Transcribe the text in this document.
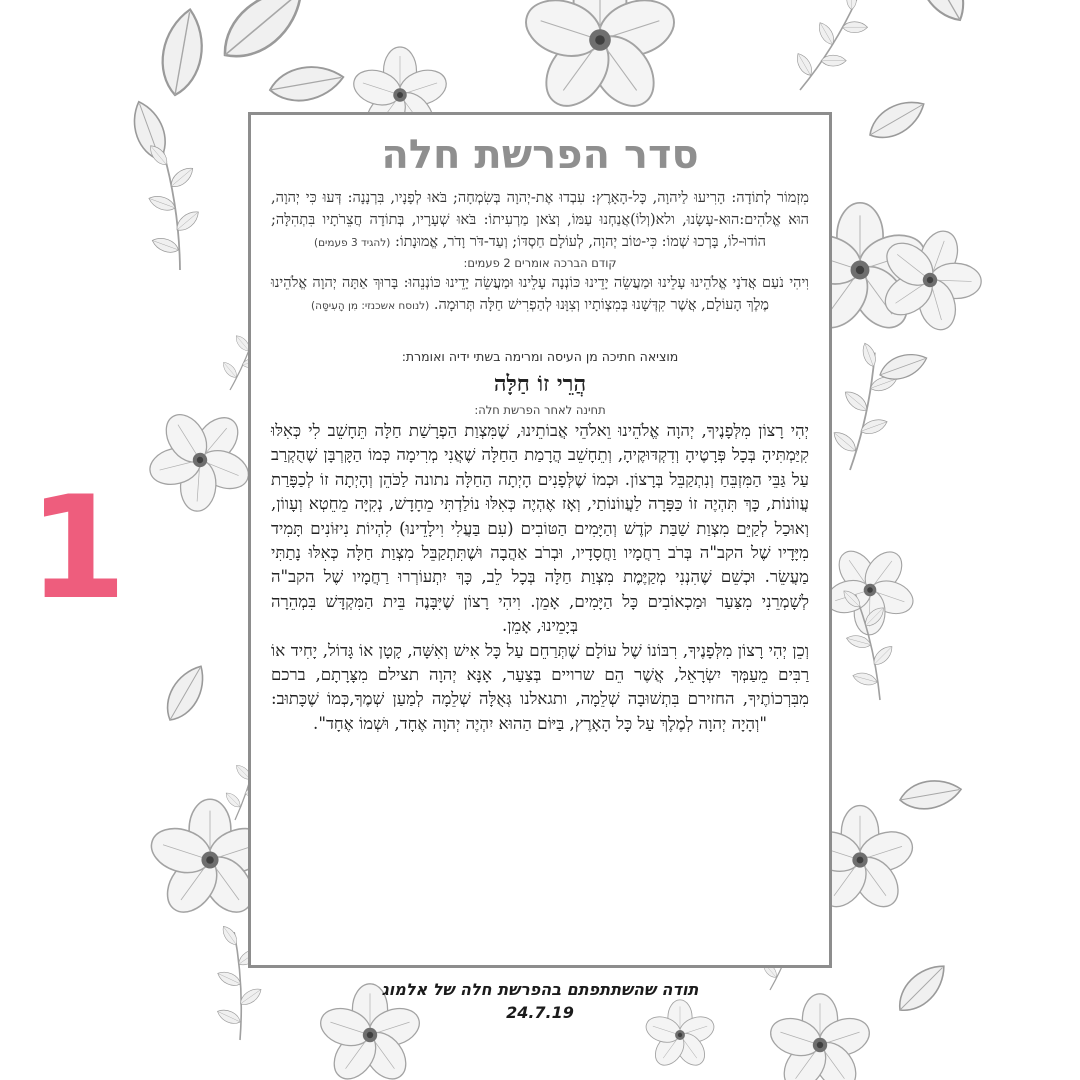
1
סדר הפרשת חלה
מִזְמוֹר לְתוֹדָה: הָרִיעוּ לַיהוָה, כָּל-הָאָרֶץ: עִבְדוּ אֶת-יְהוָה בְּשִׂמְחָה; בֹּאוּ לְפָנָיו, בִּרְנָנָה: דְּעוּ כִּי יְהוָה, הוּא אֱלֹהִים:הוּא-עָשָׂנוּ, ולא(וְלוֹ)אֲנַחְנוּ עַמּוֹ, וְצֹאן מַרְעִיתוֹ: בֹּאוּ שְׁעָרָיו, בְּתוֹדָה חֲצֵרֹתָיו בִּתְהִלָּה; הוֹדוּ-לוֹ, בָּרְכוּ שְׁמוֹ: כִּי-טוֹב יְהוָה, לְעוֹלָם חַסְדּוֹ; וְעַד-דֹּר וָדֹר, אֱמוּנָתוֹ: (להגיד 3 פעמים)
קודם הברכה אומרים 2 פעמים:
וִיהִי נֹעַם אֲדֹנָי אֱלֹהֵינוּ עָלֵינוּ וּמַעֲשֵׂה יָדֵינוּ כּוֹנְנָה עָלֵינוּ וּמַעֲשֵׂה יָדֵינוּ כּוֹנְנֵהוּ: בָּרוּךְ אַתָּה יְהוָה אֱלֹהֵינוּ מֶלֶךְ הָעוֹלָם, אֲשֶׁר קִדְּשָׁנוּ בְּמִצְוֹתָיו וְצִוָּנוּ לְהַפְרִישׁ חַלָּה תְּרוּמָה. (לנוסח אשכנזי: מִן הָעִיסָּה)
מוציאה חתיכה מן העיסה ומרימה בשתי ידיה ואומרת:
הֲרֵי זוֹ חַלָּה
תחינה לאחר הפרשת חלה:
יְהִי רָצוֹן מִלְּפָנֶיךָ, יְהוָה אֱלֹהֵינוּ וֵאלֹהֵי אֲבוֹתֵינוּ, שֶׁמִּצְוַת הַפְרָשַׁת חַלָּה תֵּחָשֵׁב לִי כְּאִלּוּ קִיַּמְתִּיהָ בְּכָל פְּרָטֶיהָ וְדִקְדּוּקֶיהָ, וְתֵחָשֵׁב הֲרָמַת הַחַלָּה שֶׁאֲנִי מְרִימָה כְּמוֹ הַקָּרְבָּן שֶׁהֻקְרַב עַל גַּבֵּי הַמִּזְבֵּחַ וְנִתְקַבֵּל בְּרָצוֹן. וּכְמוֹ שֶׁלְּפָנִים הָיְתָה הַחַלָּה נתונה לַכֹּהֵן וְהָיְתָה זוֹ לְכַפָּרַת עֲווֹנוֹת, כָּךְ תִּהְיֶה זוֹ כַּפָּרָה לַעֲווֹנוֹתַי, וְאָז אֶהְיֶה כְּאִלּוּ נוֹלַדְתִּי מֵחָדָשׁ, נְקִיָּה מֵחֵטְא וְעָווֹן, וְאוּכַל לְקַיֵּם מִצְוַת שַׁבַּת קֹדֶשׁ וְהַיָּמִים הַטּוֹבִים (עִם בַּעֲלִי וִילָדֵינוּ) לִהְיוֹת נִיזּוֹנִים תָּמִיד מִיָּדָיו שֶׁל הקב"ה בְּרֹב רַחֲמָיו וַחֲסָדָיו, וּבְרֹב אַהֲבָה וּשֶׁתִּתְקַבֵּל מִצְוַת חַלָּה כְּאִלּוּ נָתַתִּי מַעֲשֵׂר. וּכְשֵׁם שֶׁהִנְנִי מְקַיֶּמֶת מִצְוַת חַלָּה בְּכָל לֵב, כָּךְ יִתְעוֹרְרוּ רַחֲמָיו שֶׁל הקב"ה לְשָׁמְרֵנִי מִצַּעַר וּמַכְאוֹבִים כָּל הַיָּמִים, אָמֵן. וִיהִי רָצוֹן שֶׁיִּבָּנֶה בֵּית הַמִּקְדָּשׁ בִּמְהֵרָה בְּיָמֵינוּ, אָמֵן.
וְכֵן יְהִי רָצוֹן מִלְּפָנֶיךָ, רִבּוֹנוֹ שֶׁל עוֹלָם שֶׁתְּרַחֵם עַל כָּל אִישׁ וְאִשָּׁה, קָטָן אוֹ גָּדוֹל, יָחִיד אוֹ רַבִּים מֵעַמְּךָ יִשְׂרָאֵל, אֲשֶׁר הֵם שרויים בְּצַעַר, אָנָּא יְהוָה תצילם מִצָּרָתָם, ברכם מִבִּרְכוֹתֶיךָ, החזירם בִּתְשׁוּבָה שְׁלֵמָה, ותגאלנו גְּאֻלָּה שְׁלֵמָה לְמַעַן שְׁמֶךָ,כְּמוֹ שֶׁכָּתוּב: "וְהָיָה יְהוָה לְמֶלֶךְ עַל כָּל הָאָרֶץ, בַּיּוֹם הַהוּא יִהְיֶה יְהוָה אֶחָד, וּשְׁמוֹ אֶחָד".
תודה שהשתתפתם בהפרשת חלה של אלמוג
24.7.19
